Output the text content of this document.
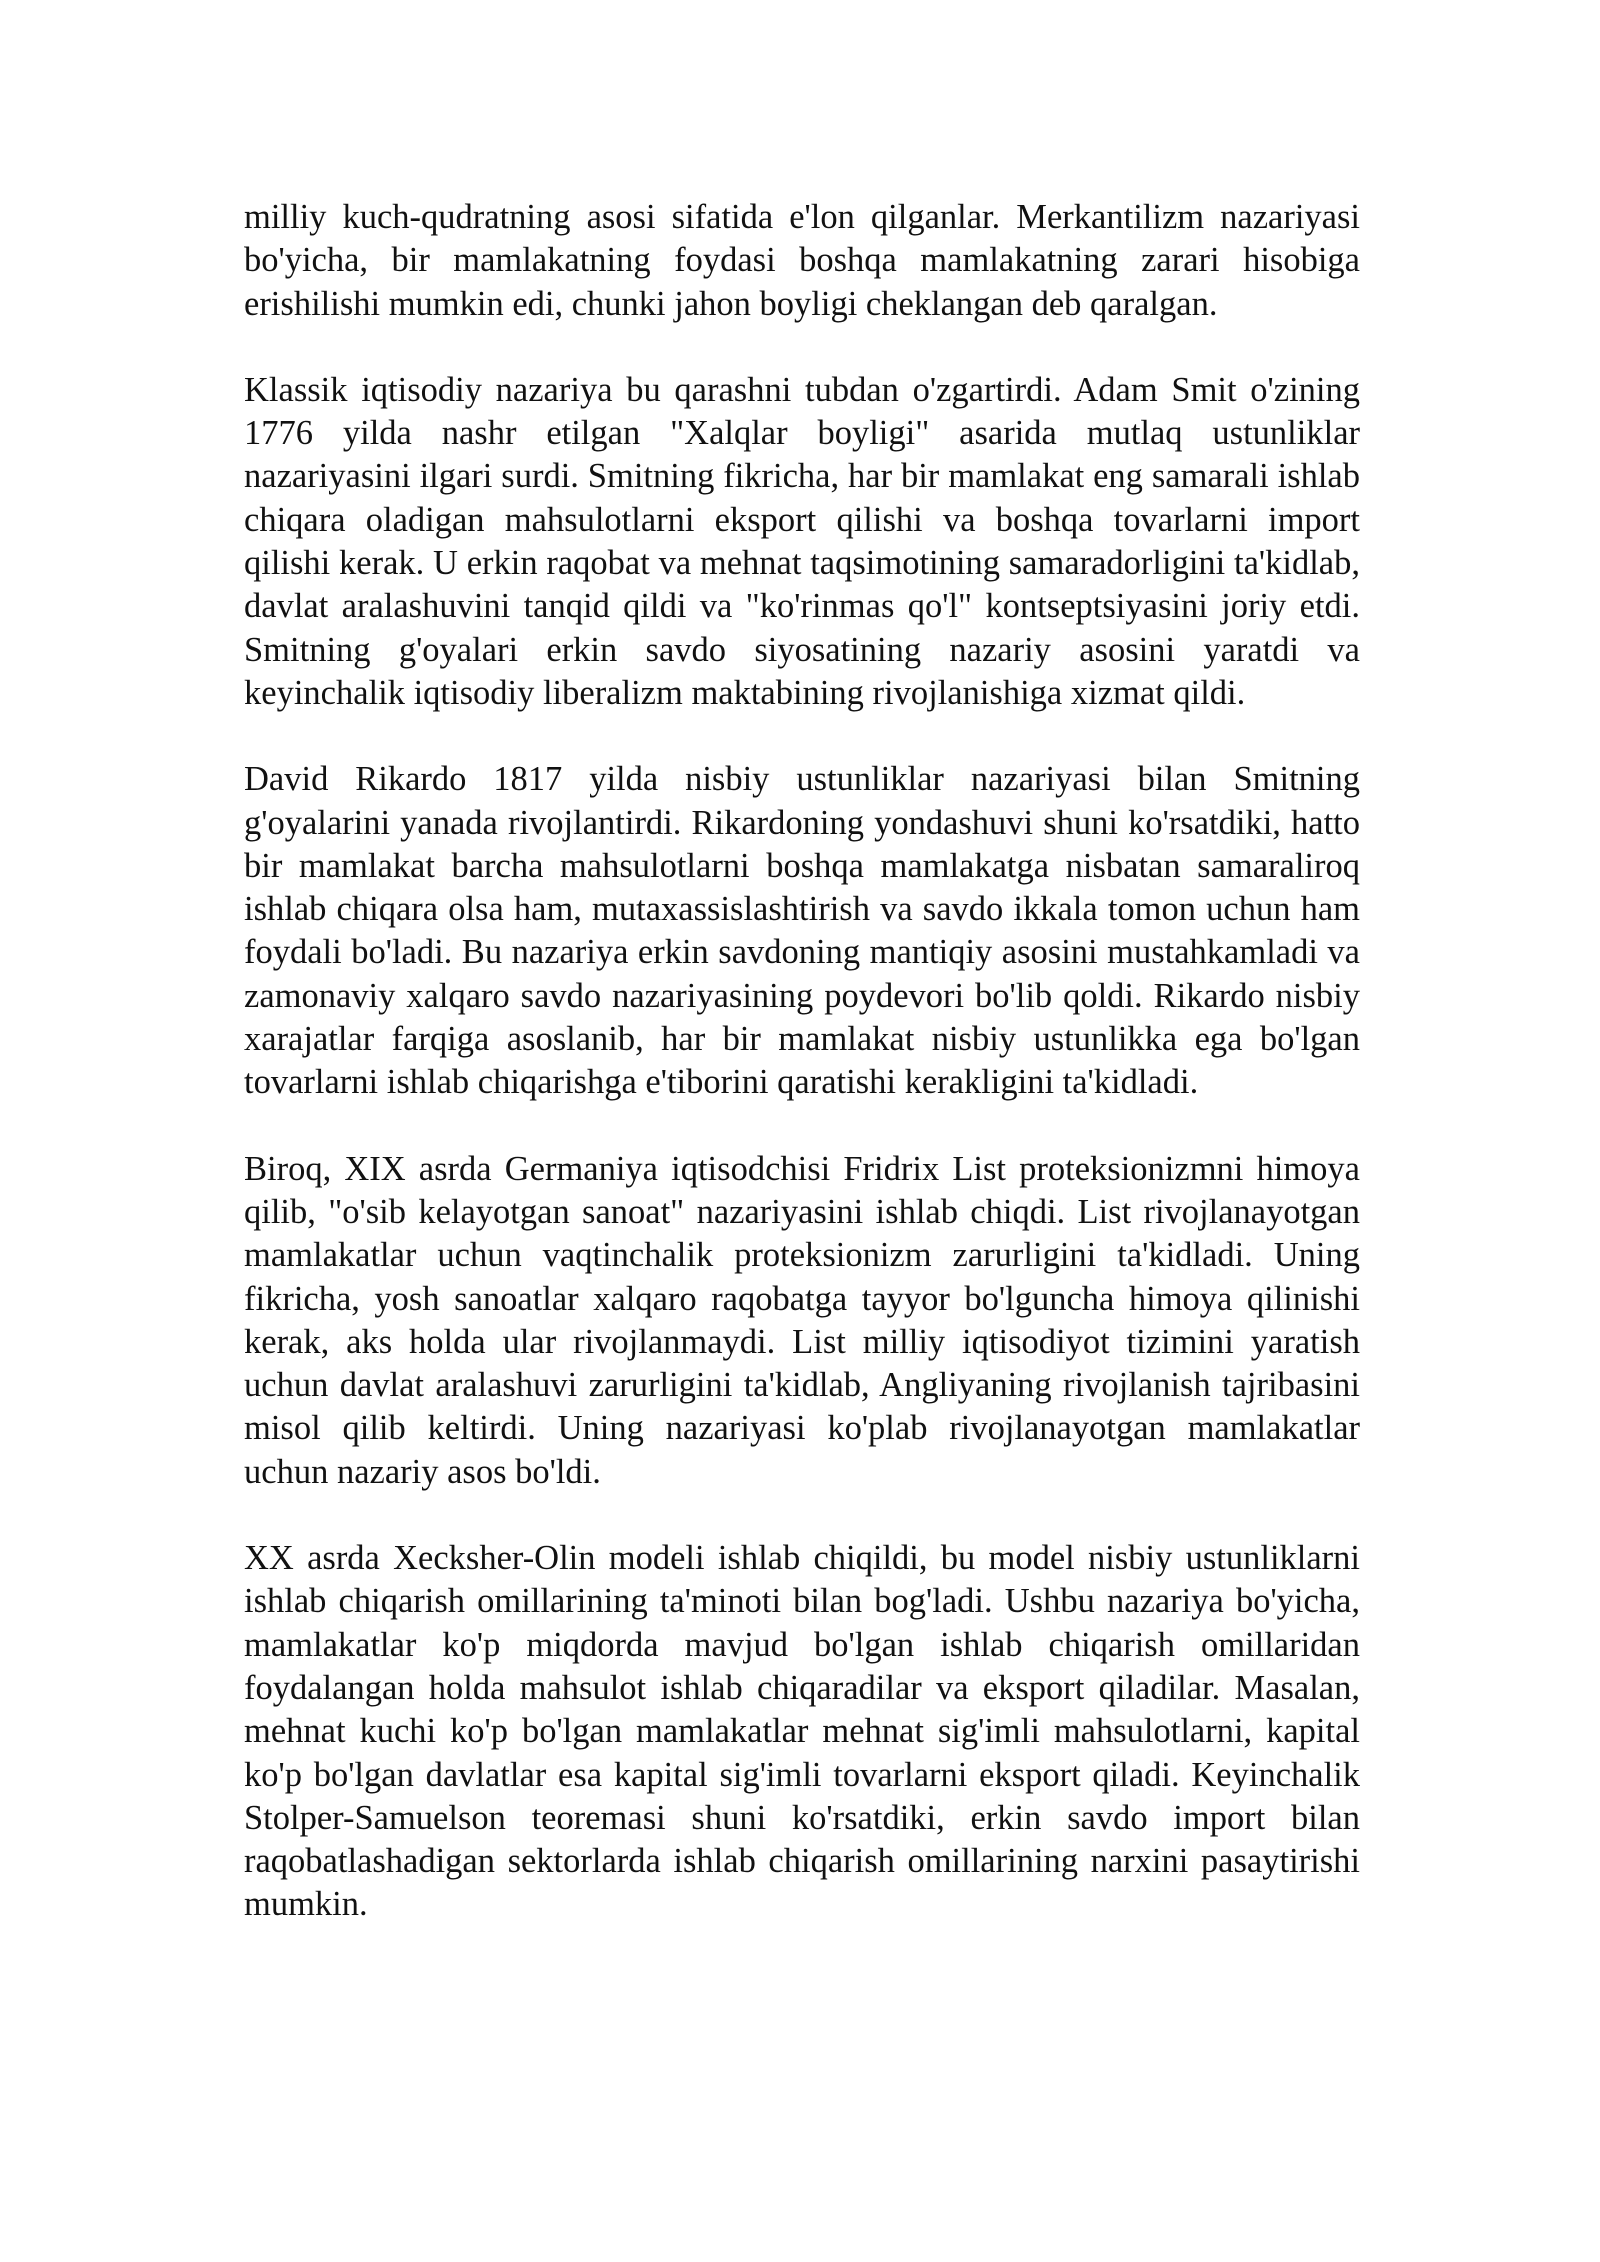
milliy kuch-qudratning asosi sifatida e'lon qilganlar. Merkantilizm nazariyasi bo'yicha, bir mamlakatning foydasi boshqa mamlakatning zarari hisobiga erishilishi mumkin edi, chunki jahon boyligi cheklangan deb qaralgan.

Klassik iqtisodiy nazariya bu qarashni tubdan o'zgartirdi. Adam Smit o'zining 1776 yilda nashr etilgan "Xalqlar boyligi" asarida mutlaq ustunliklar nazariyasini ilgari surdi. Smitning fikricha, har bir mamlakat eng samarali ishlab chiqara oladigan mahsulotlarni eksport qilishi va boshqa tovarlarni import qilishi kerak. U erkin raqobat va mehnat taqsimotining samaradorligini ta'kidlab, davlat aralashuvini tanqid qildi va "ko'rinmas qo'l" kontseptsiyasini joriy etdi. Smitning g'oyalari erkin savdo siyosatining nazariy asosini yaratdi va keyinchalik iqtisodiy liberalizm maktabining rivojlanishiga xizmat qildi.

David Rikardo 1817 yilda nisbiy ustunliklar nazariyasi bilan Smitning g'oyalarini yanada rivojlantirdi. Rikardoning yondashuvi shuni ko'rsatdiki, hatto bir mamlakat barcha mahsulotlarni boshqa mamlakatga nisbatan samaraliroq ishlab chiqara olsa ham, mutaxassislashtirish va savdo ikkala tomon uchun ham foydali bo'ladi. Bu nazariya erkin savdoning mantiqiy asosini mustahkamladi va zamonaviy xalqaro savdo nazariyasining poydevori bo'lib qoldi. Rikardo nisbiy xarajatlar farqiga asoslanib, har bir mamlakat nisbiy ustunlikka ega bo'lgan tovarlarni ishlab chiqarishga e'tiborini qaratishi kerakligini ta'kidladi.

Biroq, XIX asrda Germaniya iqtisodchisi Fridrix List proteksionizmni himoya qilib, "o'sib kelayotgan sanoat" nazariyasini ishlab chiqdi. List rivojlanayotgan mamlakatlar uchun vaqtinchalik proteksionizm zarurligini ta'kidladi. Uning fikricha, yosh sanoatlar xalqaro raqobatga tayyor bo'lguncha himoya qilinishi kerak, aks holda ular rivojlanmaydi. List milliy iqtisodiyot tizimini yaratish uchun davlat aralashuvi zarurligini ta'kidlab, Angliyaning rivojlanish tajribasini misol qilib keltirdi. Uning nazariyasi ko'plab rivojlanayotgan mamlakatlar uchun nazariy asos bo'ldi.

XX asrda Xecksher-Olin modeli ishlab chiqildi, bu model nisbiy ustunliklarni ishlab chiqarish omillarining ta'minoti bilan bog'ladi. Ushbu nazariya bo'yicha, mamlakatlar ko'p miqdorda mavjud bo'lgan ishlab chiqarish omillaridan foydalangan holda mahsulot ishlab chiqaradilar va eksport qiladilar. Masalan, mehnat kuchi ko'p bo'lgan mamlakatlar mehnat sig'imli mahsulotlarni, kapital ko'p bo'lgan davlatlar esa kapital sig'imli tovarlarni eksport qiladi. Keyinchalik Stolper-Samuelson teoremasi shuni ko'rsatdiki, erkin savdo import bilan raqobatlashadigan sektorlarda ishlab chiqarish omillarining narxini pasaytirishi mumkin.
